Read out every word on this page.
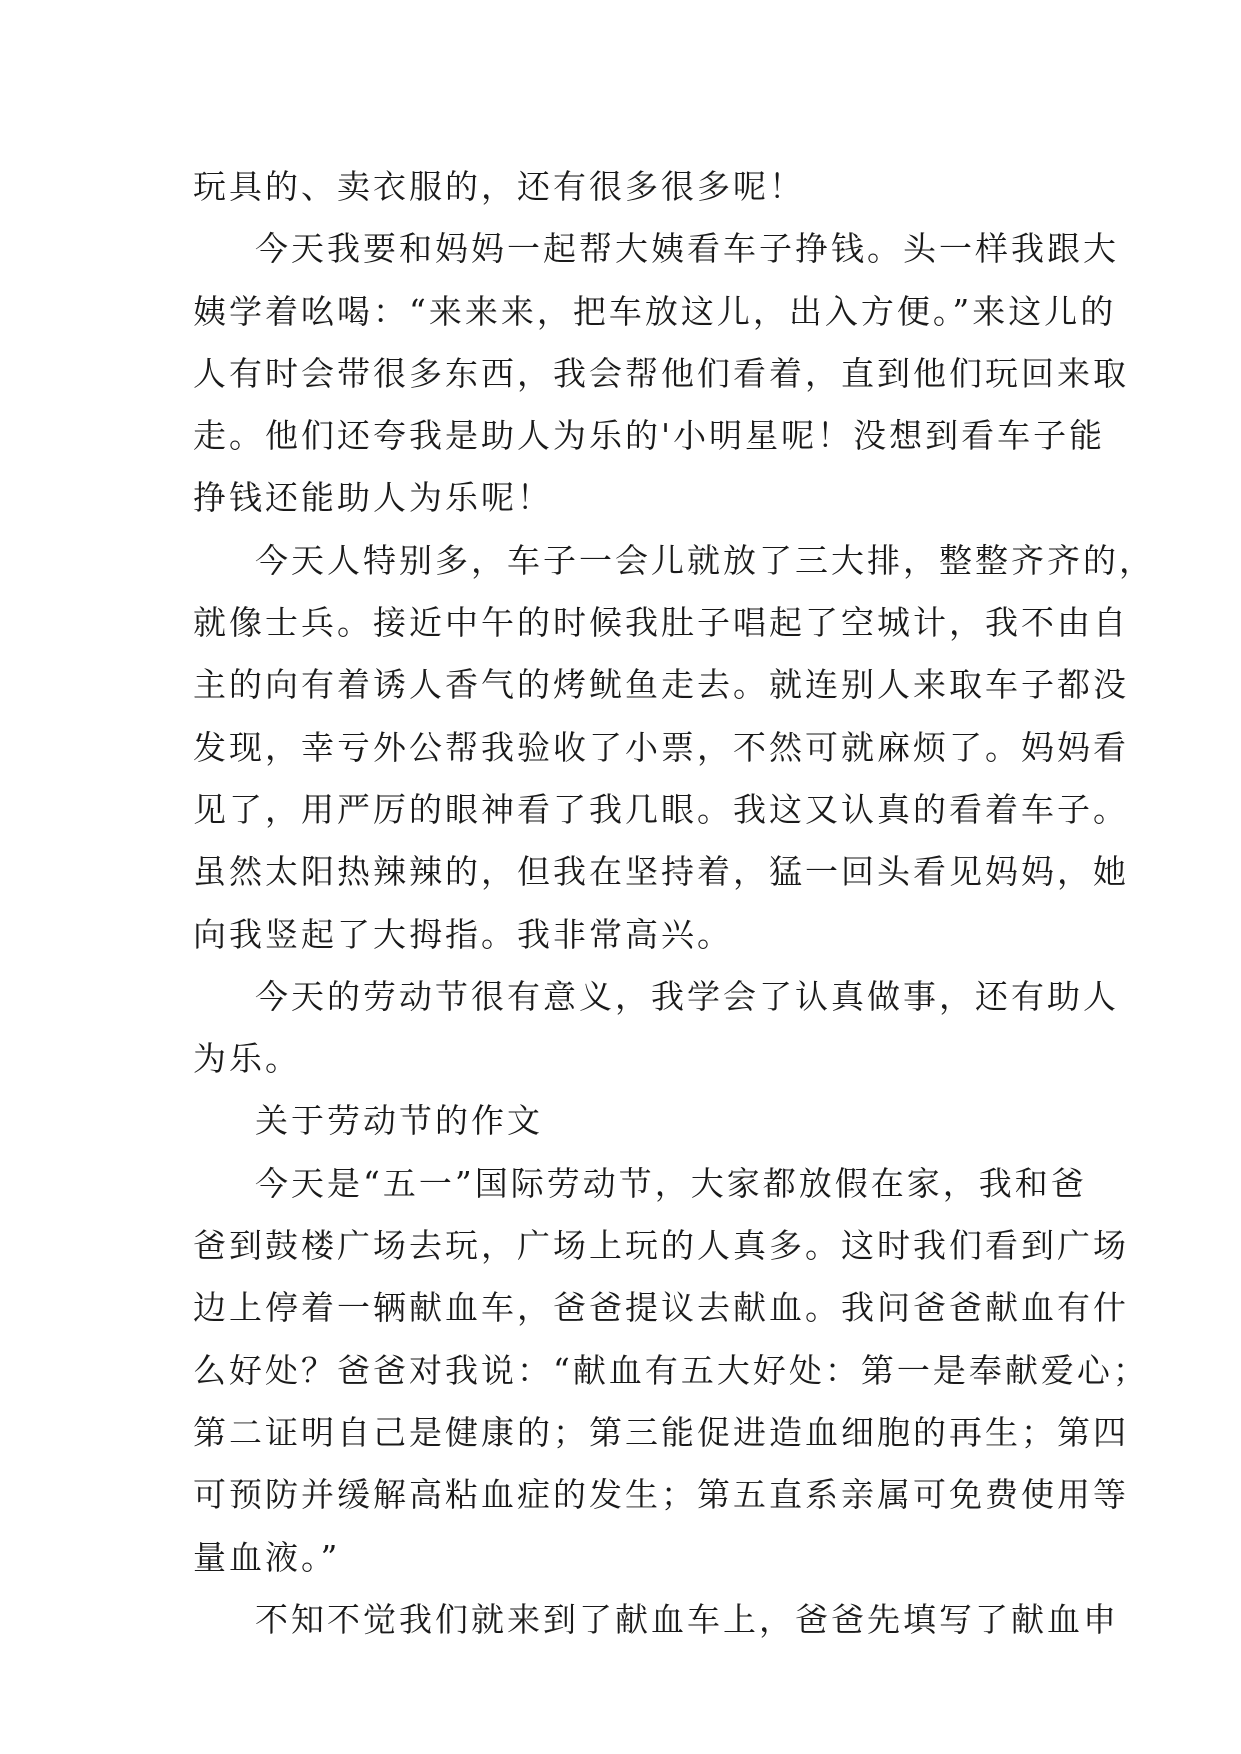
玩具的、卖衣服的，还有很多很多呢！
今天我要和妈妈一起帮大姨看车子挣钱。头一样我跟大
姨学着吆喝：“来来来，把车放这儿，出入方便。”来这儿的
人有时会带很多东西，我会帮他们看着，直到他们玩回来取
走。他们还夸我是助人为乐的'小明星呢！没想到看车子能
挣钱还能助人为乐呢！
今天人特别多，车子一会儿就放了三大排，整整齐齐的，
就像士兵。接近中午的时候我肚子唱起了空城计，我不由自
主的向有着诱人香气的烤鱿鱼走去。就连别人来取车子都没
发现，幸亏外公帮我验收了小票，不然可就麻烦了。妈妈看
见了，用严厉的眼神看了我几眼。我这又认真的看着车子。
虽然太阳热辣辣的，但我在坚持着，猛一回头看见妈妈，她
向我竖起了大拇指。我非常高兴。
今天的劳动节很有意义，我学会了认真做事，还有助人
为乐。
关于劳动节的作文
今天是“五一”国际劳动节，大家都放假在家，我和爸
爸到鼓楼广场去玩，广场上玩的人真多。这时我们看到广场
边上停着一辆献血车，爸爸提议去献血。我问爸爸献血有什
么好处？爸爸对我说：“献血有五大好处：第一是奉献爱心；
第二证明自己是健康的；第三能促进造血细胞的再生；第四
可预防并缓解高粘血症的发生；第五直系亲属可免费使用等
量血液。”
不知不觉我们就来到了献血车上，爸爸先填写了献血申
